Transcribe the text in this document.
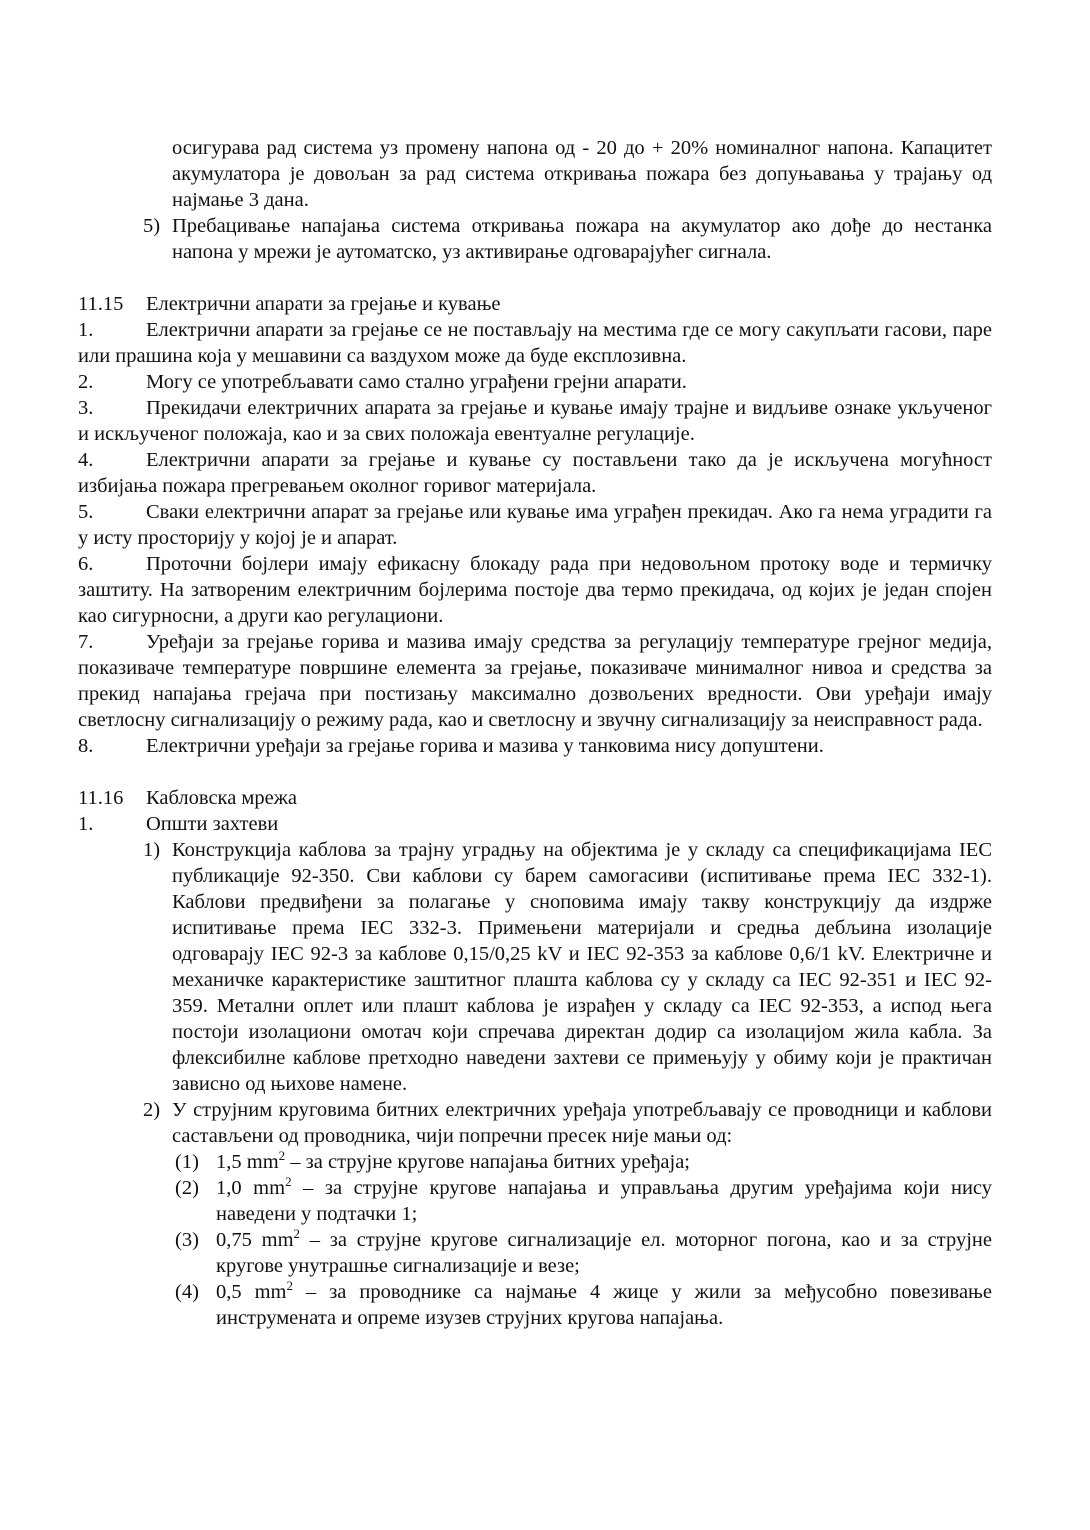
осигурава рад система уз промену напона од - 20 до + 20% номиналног напона. Капацитет акумулатора је довољан за рад система откривања пожара без допуњавања у трајању од најмање 3 дана.
5) Пребацивање напајања система откривања пожара на акумулатор ако дође до нестанка напона у мрежи је аутоматско, уз активирање одговарајућег сигнала.
11.15 Електрични апарати за грејање и кување
1.	Електрични апарати за грејање се не постављају на местима где се могу сакупљати гасови, паре или прашина која у мешавини са ваздухом може да буде експлозивна.
2.	Могу се употребљавати само стално уграђени грејни апарати.
3.	Прекидачи електричних апарата за грејање и кување имају трајне и видљиве ознаке укљученог и искљученог положаја, као и за свих положаја евентуалне регулације.
4.	Електрични апарати за грејање и кување су постављени тако да је искључена могућност избијања пожара прегревањем околног горивог материјала.
5.	Сваки електрични апарат за грејање или кување има уграђен прекидач. Ако га нема уградити га у исту просторију у којој је и апарат.
6.	Проточни бојлери имају ефикасну блокаду рада при недовољном протоку воде и термичку заштиту. На затвореним електричним бојлерима постоје два термо прекидача, од којих је један спојен као сигурносни, а други као регулациони.
7.	Уређаји за грејање горива и мазива имају средства за регулацију температуре грејног медија, показиваче температуре површине елемента за грејање, показиваче минималног нивоа и средства за прекид напајања грејача при постизању максимално дозвољених вредности. Ови уређаји имају светлосну сигнализацију о режиму рада, као и светлосну и звучну сигнализацију за неисправност рада.
8.	Електрични уређаји за грејање горива и мазива у танковима нису допуштени.
11.16 Кабловска мрежа
1.	Општи захтеви
1) Конструкција каблова за трајну уградњу на објектима је у складу са спецификацијама IEC публикације 92-350. Сви каблови су барем самогасиви (испитивање према IEC 332-1). Каблови предвиђени за полагање у сноповима имају такву конструкцију да издрже испитивање према IEC 332-3. Примењени материјали и средња дебљина изолације одговарају IEC 92-3 за каблове 0,15/0,25 kV и IEC 92-353 за каблове 0,6/1 kV. Електричне и механичке карактеристике заштитног плашта каблова су у складу са IEC 92-351 и IEC 92-359. Метални оплет или плашт каблова је израђен у складу са IEC 92-353, а испод њега постоји изолациони омотач који спречава директан додир са изолацијом жила кабла. За флексибилне каблове претходно наведени захтеви се примењују у обиму који је практичан зависно од њихове намене.
2) У струјним круговима битних електричних уређаја употребљавају се проводници и каблови састављени од проводника, чији попречни пресек није мањи од:
(1) 1,5 $mm^2$ – за струјне кругове напајања битних уређаја;
(2) 1,0 $mm^2$ – за струјне кругове напајања и управљања другим уређајима који нису наведени у подтачки 1;
(3) 0,75 $mm^2$ – за струјне кругове сигнализације ел. моторног погона, као и за струјне кругове унутрашње сигнализације и везе;
(4) 0,5 $mm^2$ – за проводнике са најмање 4 жице у жили за међусобно повезивање инструмената и опреме изузев струјних кругова напајања.
